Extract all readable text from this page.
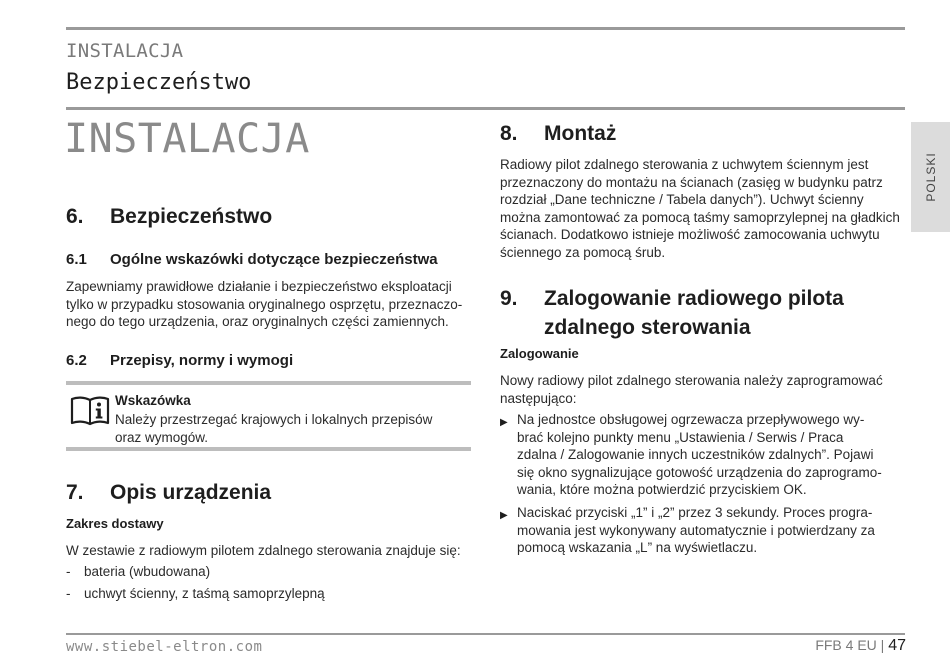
INSTALACJA
Bezpieczeństwo
POLSKI
INSTALACJA
6. Bezpieczeństwo
6.1 Ogólne wskazówki dotyczące bezpieczeństwa
Zapewniamy prawidłowe działanie i bezpieczeństwo eksploatacji
tylko w przypadku stosowania oryginalnego osprzętu, przeznaczo-
nego do tego urządzenia, oraz oryginalnych części zamiennych.
6.2 Przepisy, normy i wymogi
Wskazówka
Należy przestrzegać krajowych i lokalnych przepisów
oraz wymogów.
7. Opis urządzenia
Zakres dostawy
W zestawie z radiowym pilotem zdalnego sterowania znajduje się:
- bateria (wbudowana)
- uchwyt ścienny, z taśmą samoprzylepną
8. Montaż
Radiowy pilot zdalnego sterowania z uchwytem ściennym jest
przeznaczony do montażu na ścianach (zasięg w budynku patrz
rozdział „Dane techniczne / Tabela danych”). Uchwyt ścienny
można zamontować za pomocą taśmy samoprzylepnej na gładkich
ścianach. Dodatkowo istnieje możliwość zamocowania uchwytu
ściennego za pomocą śrub.
9. Zalogowanie radiowego pilota
zdalnego sterowania
Zalogowanie
Nowy radiowy pilot zdalnego sterowania należy zaprogramować
następująco:
▶ Na jednostce obsługowej ogrzewacza przepływowego wy-
brać kolejno punkty menu „Ustawienia / Serwis / Praca
zdalna / Zalogowanie innych uczestników zdalnych”. Pojawi
się okno sygnalizujące gotowość urządzenia do zaprogramo-
wania, które można potwierdzić przyciskiem OK.
▶ Naciskać przyciski „1” i „2” przez 3 sekundy. Proces progra-
mowania jest wykonywany automatycznie i potwierdzany za
pomocą wskazania „L” na wyświetlaczu.
www.stiebel-eltron.com	FFB 4 EU | 47
